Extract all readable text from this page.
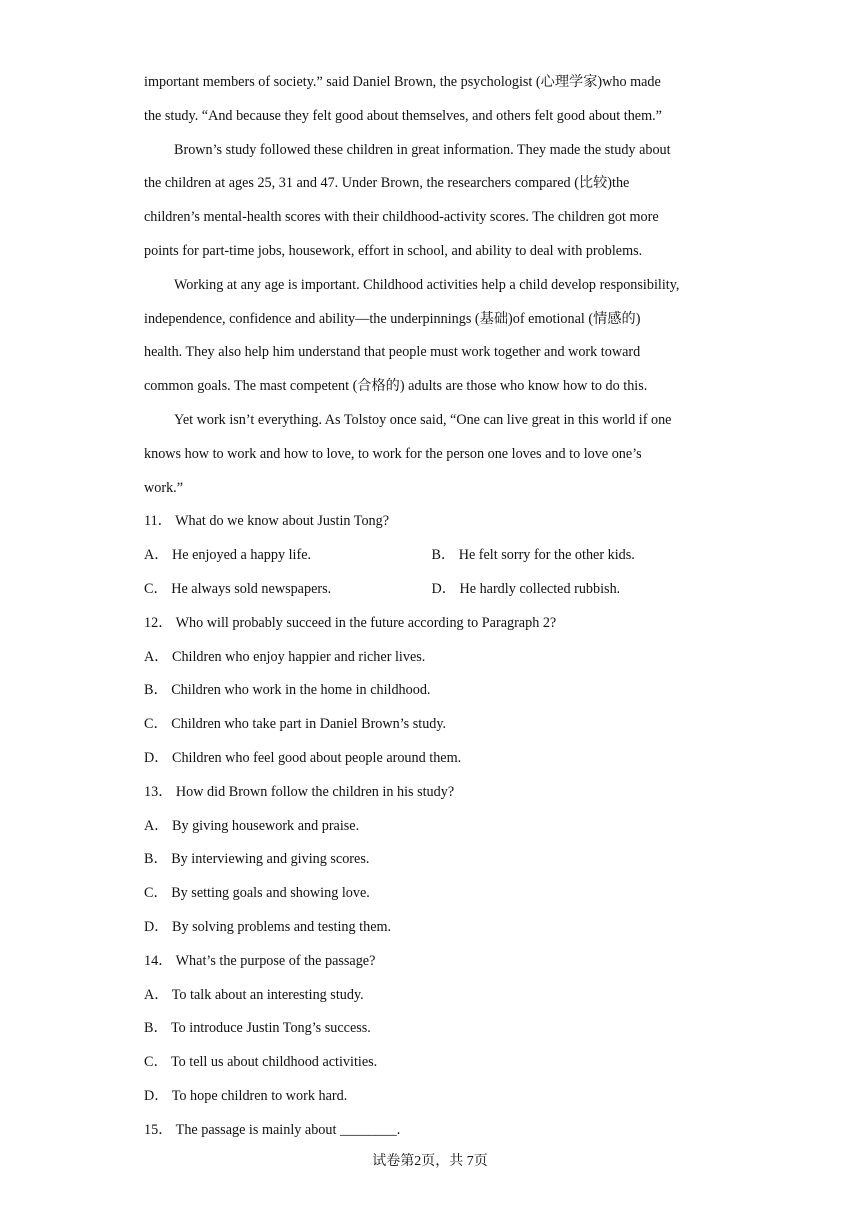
important members of society.” said Daniel Brown, the psychologist (心理学家)who made
the study. “And because they felt good about themselves, and others felt good about them.”
Brown’s study followed these children in great information. They made the study about
the children at ages 25, 31 and 47. Under Brown, the researchers compared (比较)the
children’s mental-health scores with their childhood-activity scores. The children got more
points for part-time jobs, housework, effort in school, and ability to deal with problems.
Working at any age is important. Childhood activities help a child develop responsibility,
independence, confidence and ability—the underpinnings (基础)of emotional (情感的)
health. They also help him understand that people must work together and work toward
common goals. The mast competent (合格的) adults are those who know how to do this.
Yet work isn’t everything. As Tolstoy once said, “One can live great in this world if one
knows how to work and how to love, to work for the person one loves and to love one’s
work.”
11． What do we know about Justin Tong?
A． He enjoyed a happy life.	B． He felt sorry for the other kids.
C． He always sold newspapers.	D． He hardly collected rubbish.
12． Who will probably succeed in the future according to Paragraph 2?
A． Children who enjoy happier and richer lives.
B． Children who work in the home in childhood.
C． Children who take part in Daniel Brown’s study.
D． Children who feel good about people around them.
13． How did Brown follow the children in his study?
A． By giving housework and praise.
B． By interviewing and giving scores.
C． By setting goals and showing love.
D． By solving problems and testing them.
14． What’s the purpose of the passage?
A． To talk about an interesting study.
B． To introduce Justin Tong’s success.
C． To tell us about childhood activities.
D． To hope children to work hard.
15． The passage is mainly about ________.
试卷第2页，共 7页
